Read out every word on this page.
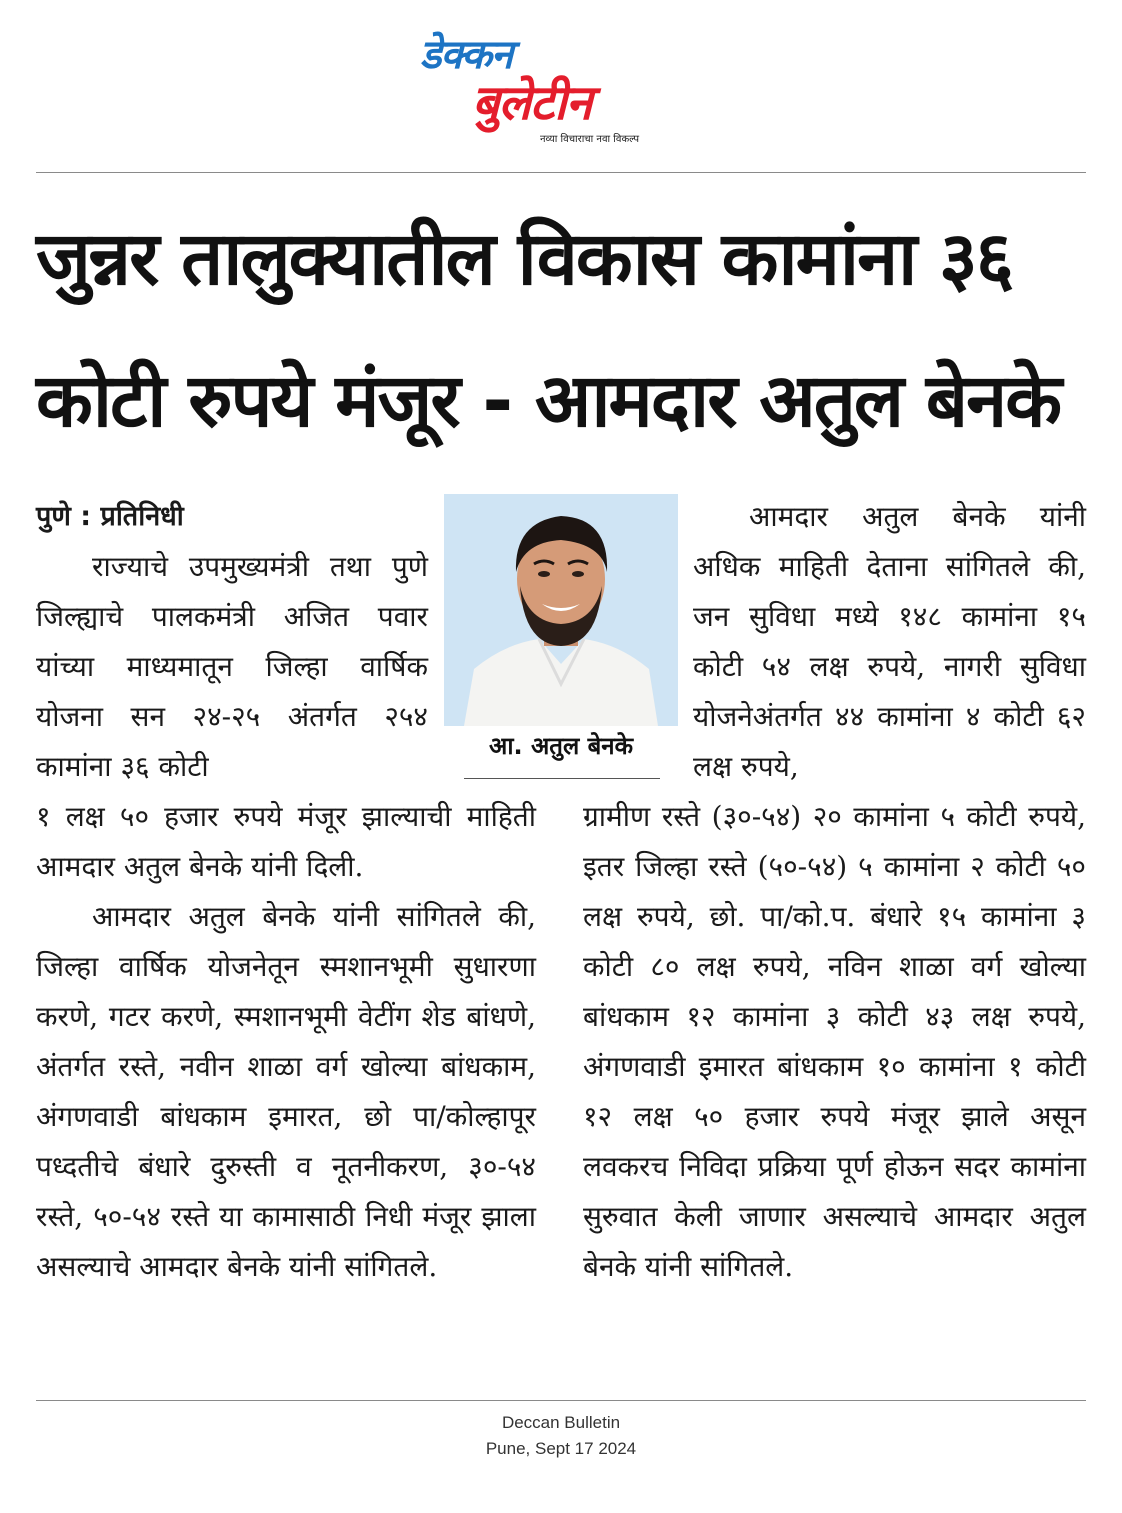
डेक्कन
बुलेटीन
नव्या विचाराचा नवा विकल्प
जुन्नर तालुक्यातील विकास कामांना ३६
कोटी रुपये मंजूर - आमदार अतुल बेनके
पुणे : प्रतिनिधी
राज्याचे उपमुख्यमंत्री तथा पुणे जिल्ह्याचे पालकमंत्री अजित पवार यांच्या माध्यमातून जिल्हा वार्षिक योजना सन २४-२५ अंतर्गत २५४ कामांना ३६ कोटी
१ लक्ष ५० हजार रुपये मंजूर झाल्याची माहिती आमदार अतुल बेनके यांनी दिली.
आमदार अतुल बेनके यांनी सांगितले की, जिल्हा वार्षिक योजनेतून स्मशानभूमी सुधारणा करणे, गटर करणे, स्मशानभूमी वेटींग शेड बांधणे, अंतर्गत रस्ते, नवीन शाळा वर्ग खोल्या बांधकाम, अंगणवाडी बांधकाम इमारत, छो पा/कोल्हापूर पध्दतीचे बंधारे दुरुस्ती व नूतनीकरण, ३०-५४ रस्ते, ५०-५४ रस्ते या कामासाठी निधी मंजूर झाला असल्याचे आमदार बेनके यांनी सांगितले.
आ. अतुल बेनके
आमदार अतुल बेनके यांनी अधिक माहिती देताना सांगितले की, जन सुविधा मध्ये १४८ कामांना १५ कोटी ५४ लक्ष रुपये, नागरी सुविधा योजनेअंतर्गत ४४ कामांना ४ कोटी ६२ लक्ष रुपये,
ग्रामीण रस्ते (३०-५४) २० कामांना ५ कोटी रुपये, इतर जिल्हा रस्ते (५०-५४) ५ कामांना २ कोटी ५० लक्ष रुपये, छो. पा/को.प. बंधारे १५ कामांना ३ कोटी ८० लक्ष रुपये, नविन शाळा वर्ग खोल्या बांधकाम १२ कामांना ३ कोटी ४३ लक्ष रुपये, अंगणवाडी इमारत बांधकाम १० कामांना १ कोटी १२ लक्ष ५० हजार रुपये मंजूर झाले असून लवकरच निविदा प्रक्रिया पूर्ण होऊन सदर कामांना सुरुवात केली जाणार असल्याचे आमदार अतुल बेनके यांनी सांगितले.
Deccan Bulletin
Pune, Sept 17 2024
